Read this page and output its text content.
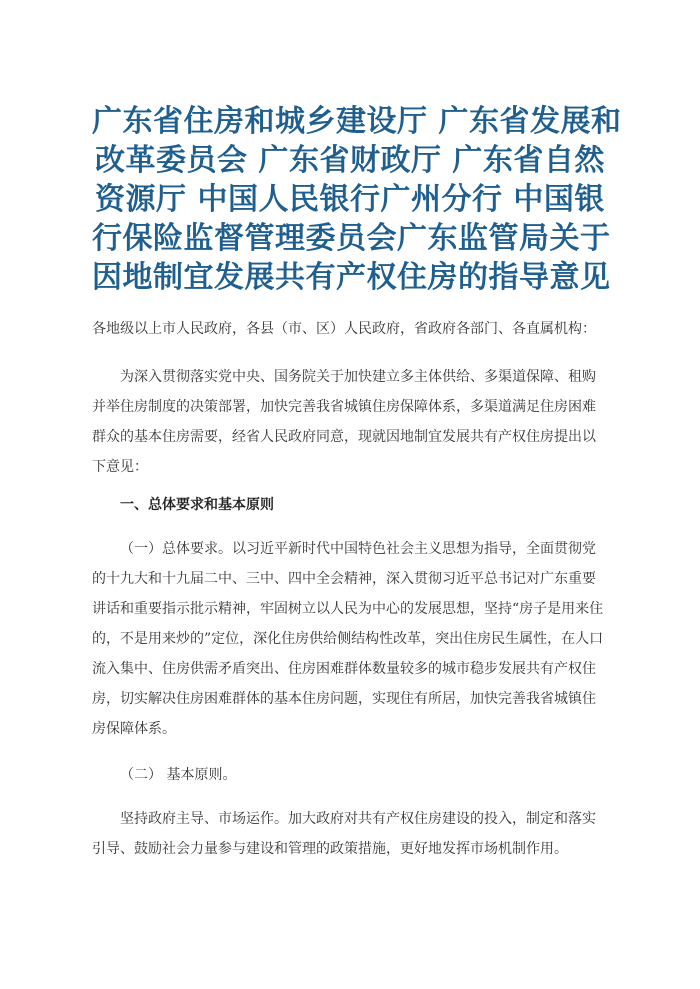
广东省住房和城乡建设厅 广东省发展和
改革委员会 广东省财政厅 广东省自然
资源厅 中国人民银行广州分行 中国银
行保险监督管理委员会广东监管局关于
因地制宜发展共有产权住房的指导意见
各地级以上市人民政府，各县（市、区）人民政府，省政府各部门、各直属机构：
为深入贯彻落实党中央、国务院关于加快建立多主体供给、多渠道保障、租购
并举住房制度的决策部署，加快完善我省城镇住房保障体系，多渠道满足住房困难
群众的基本住房需要，经省人民政府同意，现就因地制宜发展共有产权住房提出以
下意见：
一、总体要求和基本原则
（一）总体要求。以习近平新时代中国特色社会主义思想为指导，全面贯彻党
的十九大和十九届二中、三中、四中全会精神，深入贯彻习近平总书记对广东重要
讲话和重要指示批示精神，牢固树立以人民为中心的发展思想，坚持“房子是用来住
的，不是用来炒的”定位，深化住房供给侧结构性改革，突出住房民生属性，在人口
流入集中、住房供需矛盾突出、住房困难群体数量较多的城市稳步发展共有产权住
房，切实解决住房困难群体的基本住房问题，实现住有所居，加快完善我省城镇住
房保障体系。
（二） 基本原则。
坚持政府主导、市场运作。加大政府对共有产权住房建设的投入，制定和落实
引导、鼓励社会力量参与建设和管理的政策措施，更好地发挥市场机制作用。
